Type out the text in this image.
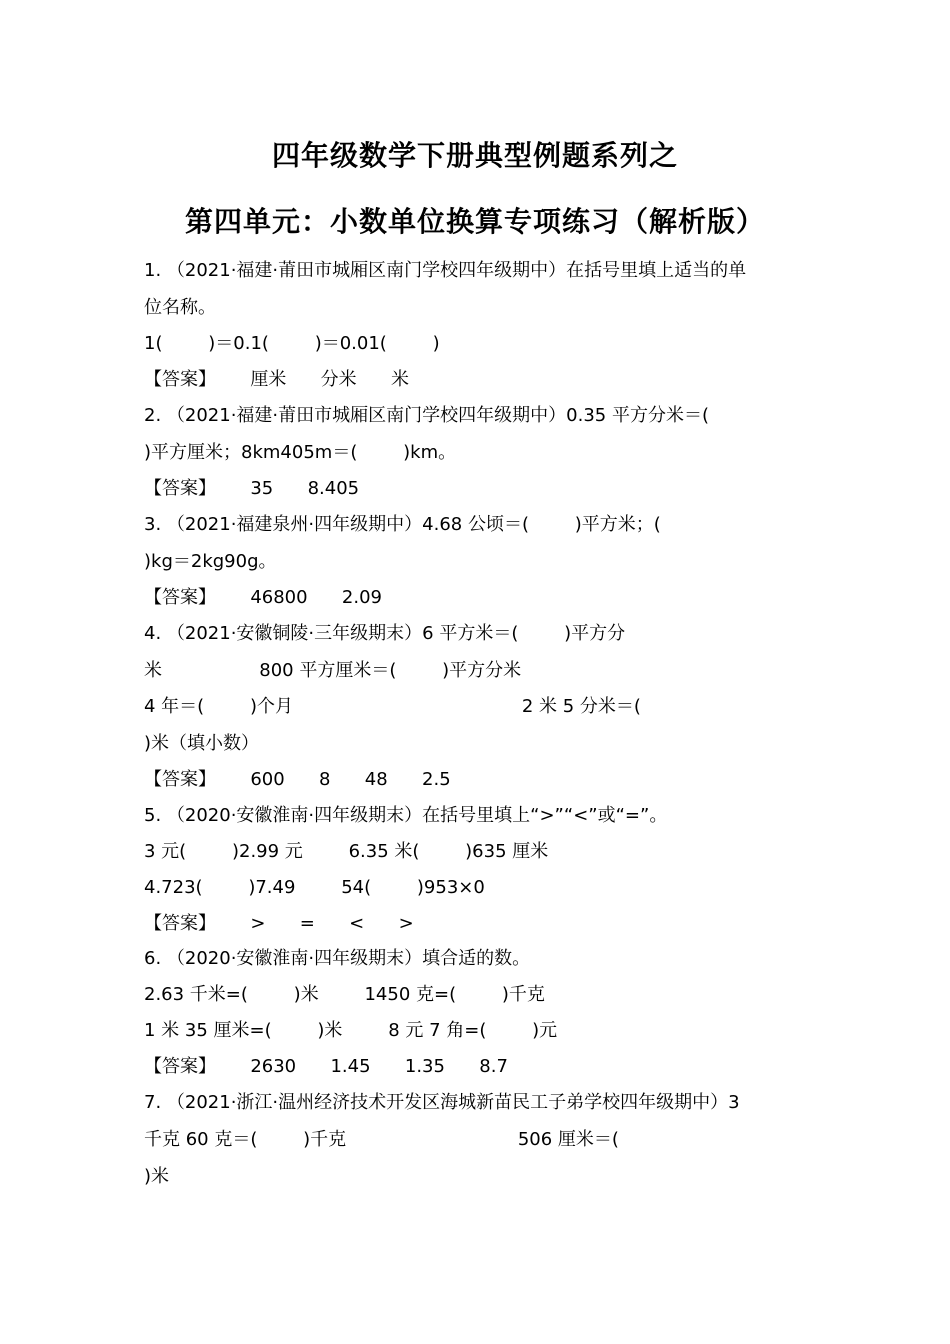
四年级数学下册典型例题系列之
第四单元：小数单位换算专项练习（解析版）
1. （2021·福建·莆田市城厢区南门学校四年级期中）在括号里填上适当的单
位名称。
1(        )＝0.1(        )＝0.01(        )
【答案】      厘米      分米      米
2. （2021·福建·莆田市城厢区南门学校四年级期中）0.35 平方分米＝(
)平方厘米；8km405m＝(        )km。
【答案】      35      8.405
3. （2021·福建泉州·四年级期中）4.68 公顷＝(        )平方米；(
)kg＝2kg90g。
【答案】      46800      2.09
4. （2021·安徽铜陵·三年级期末）6 平方米＝(        )平方分
米                 800 平方厘米＝(        )平方分米
4 年＝(        )个月                                        2 米 5 分米＝(
)米（填小数）
【答案】      600      8      48      2.5
5. （2020·安徽淮南·四年级期末）在括号里填上“>”“<”或“=”。
3 元(        )2.99 元        6.35 米(        )635 厘米
4.723(        )7.49        54(        )953×0
【答案】      >      =      <      >
6. （2020·安徽淮南·四年级期末）填合适的数。
2.63 千米=(        )米        1450 克=(        )千克
1 米 35 厘米=(        )米        8 元 7 角=(        )元
【答案】      2630      1.45      1.35      8.7
7. （2021·浙江·温州经济技术开发区海城新苗民工子弟学校四年级期中）3
千克 60 克＝(        )千克                              506 厘米＝(
)米
